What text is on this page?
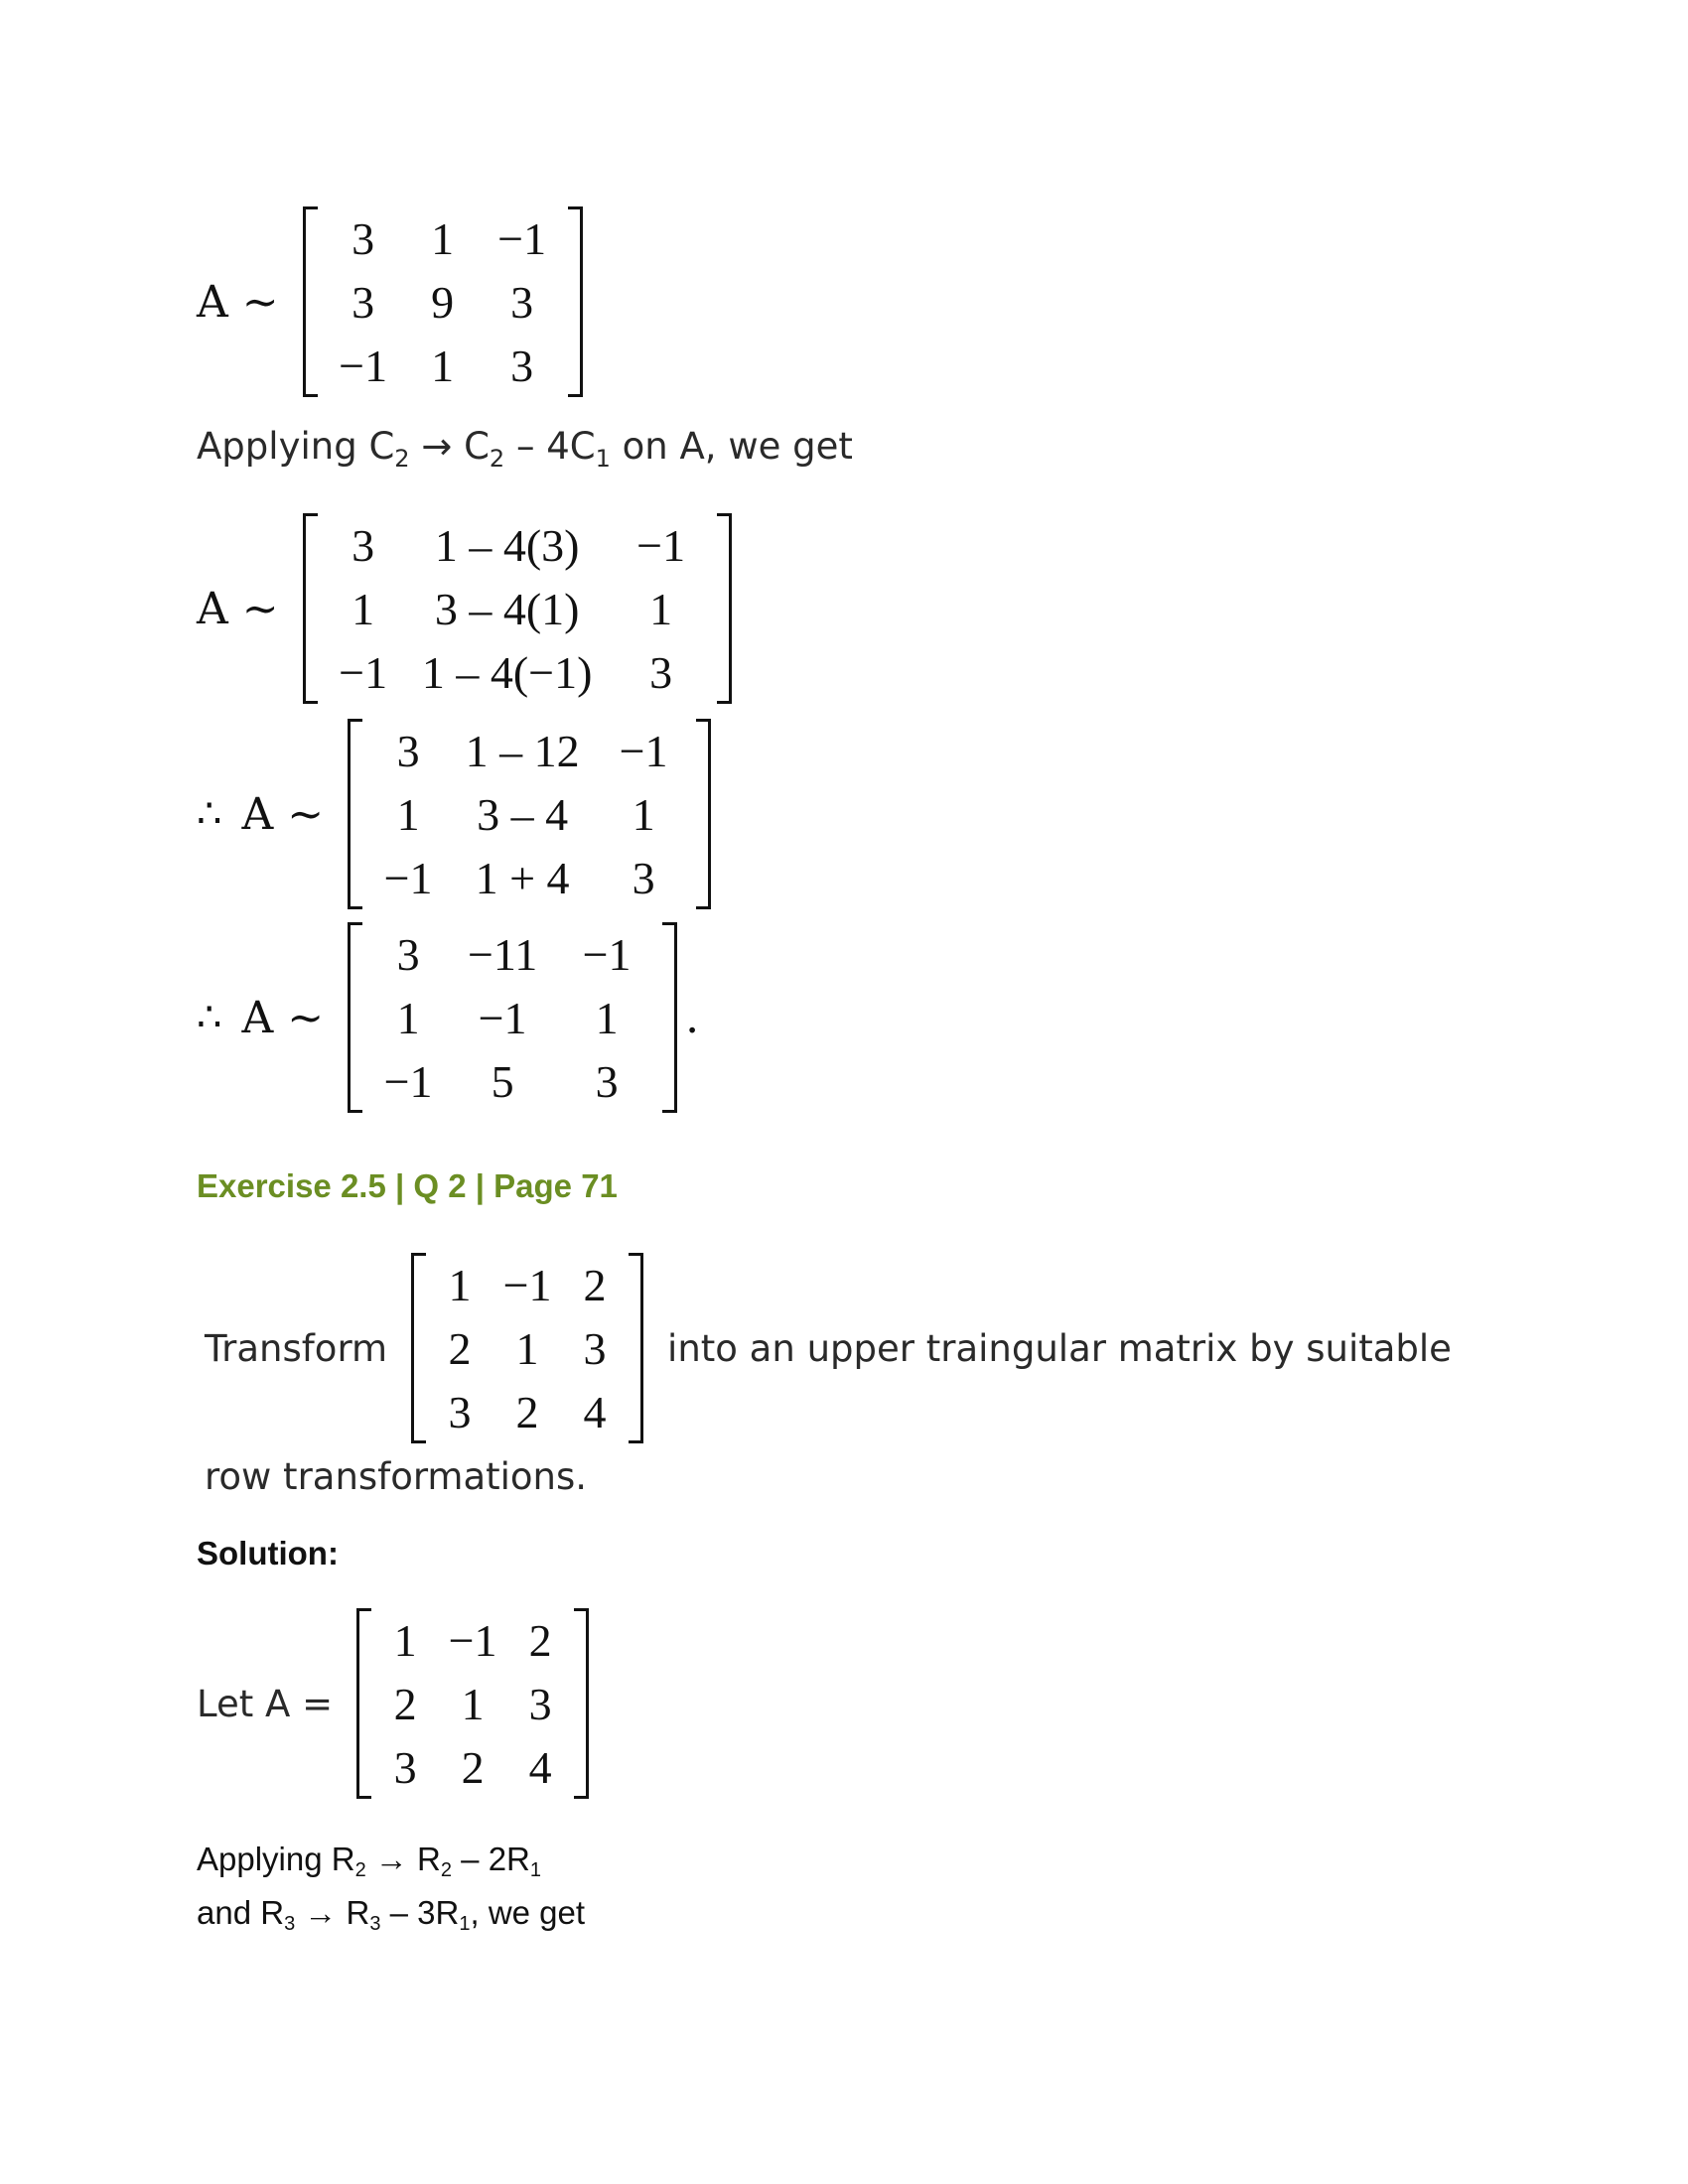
A ~
3 1 −1
3 9 3
−1 1 3
Applying $C_2 \to C_2 - 4C_1$ on A, we get
A ~
3 1 – 4(3) −1
1 3 – 4(1) 1
−1 1 – 4(−1) 3
∴ A ~
3 1 – 12 −1
1 3 – 4 1
−1 1 + 4 3
∴ A ~
3 −11 −1
1 −1 1
−1 5 3
.
Exercise 2.5 | Q 2 | Page 71
Transform
1 −1 2
2 1 3
3 2 4
into an upper traingular matrix by suitable
row transformations.
Solution:
Let A =
1 −1 2
2 1 3
3 2 4
Applying R2 → R2 – 2R1
and R3 → R3 – 3R1, we get
